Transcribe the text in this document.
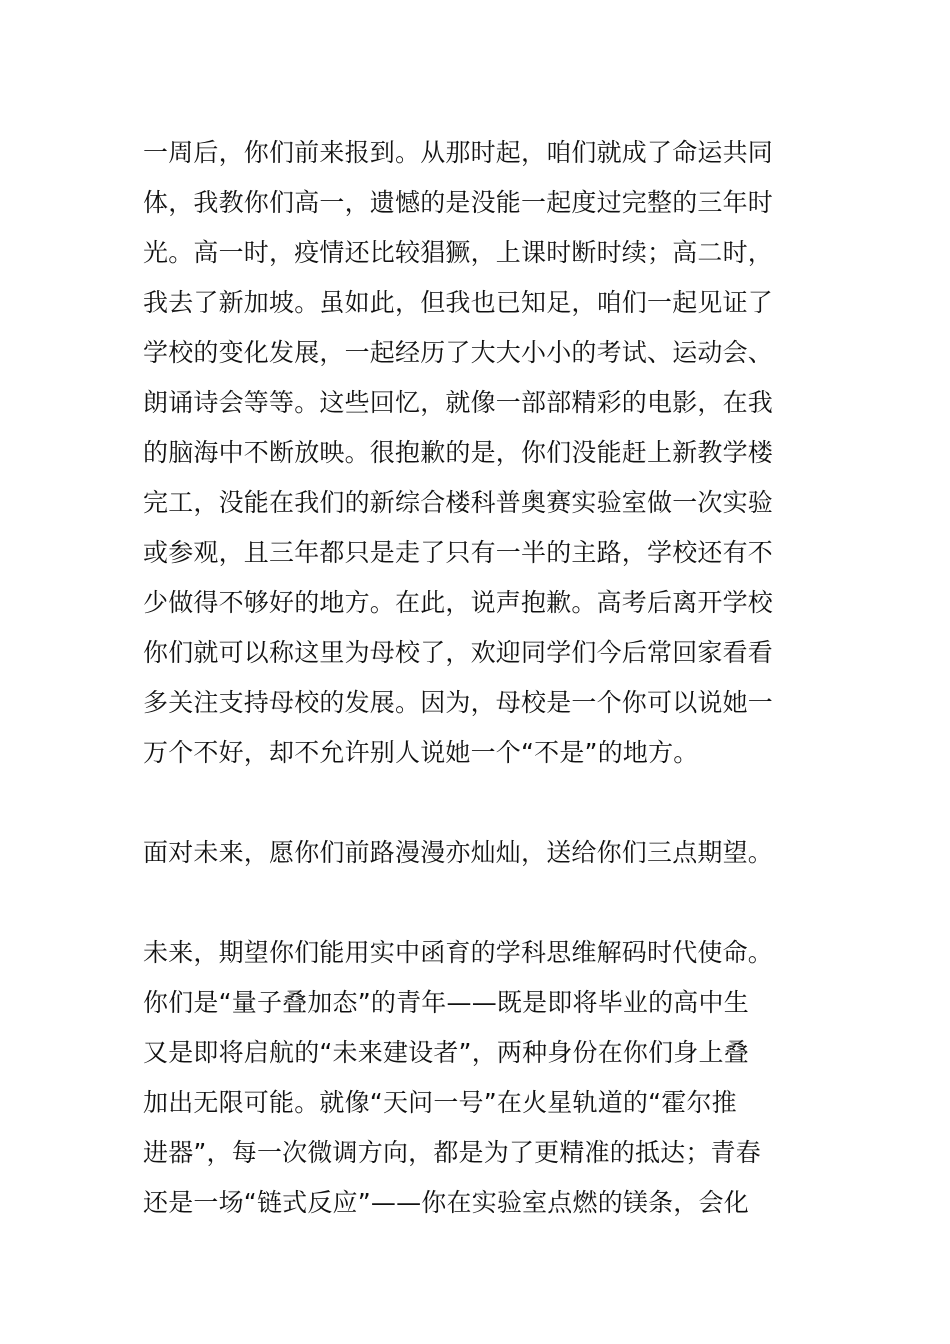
一周后，你们前来报到。从那时起，咱们就成了命运共同
体，我教你们高一，遗憾的是没能一起度过完整的三年时
光。高一时，疫情还比较猖獗，上课时断时续；高二时，
我去了新加坡。虽如此，但我也已知足，咱们一起见证了
学校的变化发展，一起经历了大大小小的考试、运动会、
朗诵诗会等等。这些回忆，就像一部部精彩的电影，在我
的脑海中不断放映。很抱歉的是，你们没能赶上新教学楼
完工，没能在我们的新综合楼科普奥赛实验室做一次实验
或参观，且三年都只是走了只有一半的主路，学校还有不
少做得不够好的地方。在此，说声抱歉。高考后离开学校
你们就可以称这里为母校了，欢迎同学们今后常回家看看
多关注支持母校的发展。因为，母校是一个你可以说她一
万个不好，却不允许别人说她一个“不是”的地方。
面对未来，愿你们前路漫漫亦灿灿，送给你们三点期望。
未来，期望你们能用实中函育的学科思维解码时代使命。
你们是“量子叠加态”的青年——既是即将毕业的高中生
又是即将启航的“未来建设者”，两种身份在你们身上叠
加出无限可能。就像“天问一号”在火星轨道的“霍尔推
进器”，每一次微调方向，都是为了更精准的抵达；青春
还是一场“链式反应”——你在实验室点燃的镁条，会化
